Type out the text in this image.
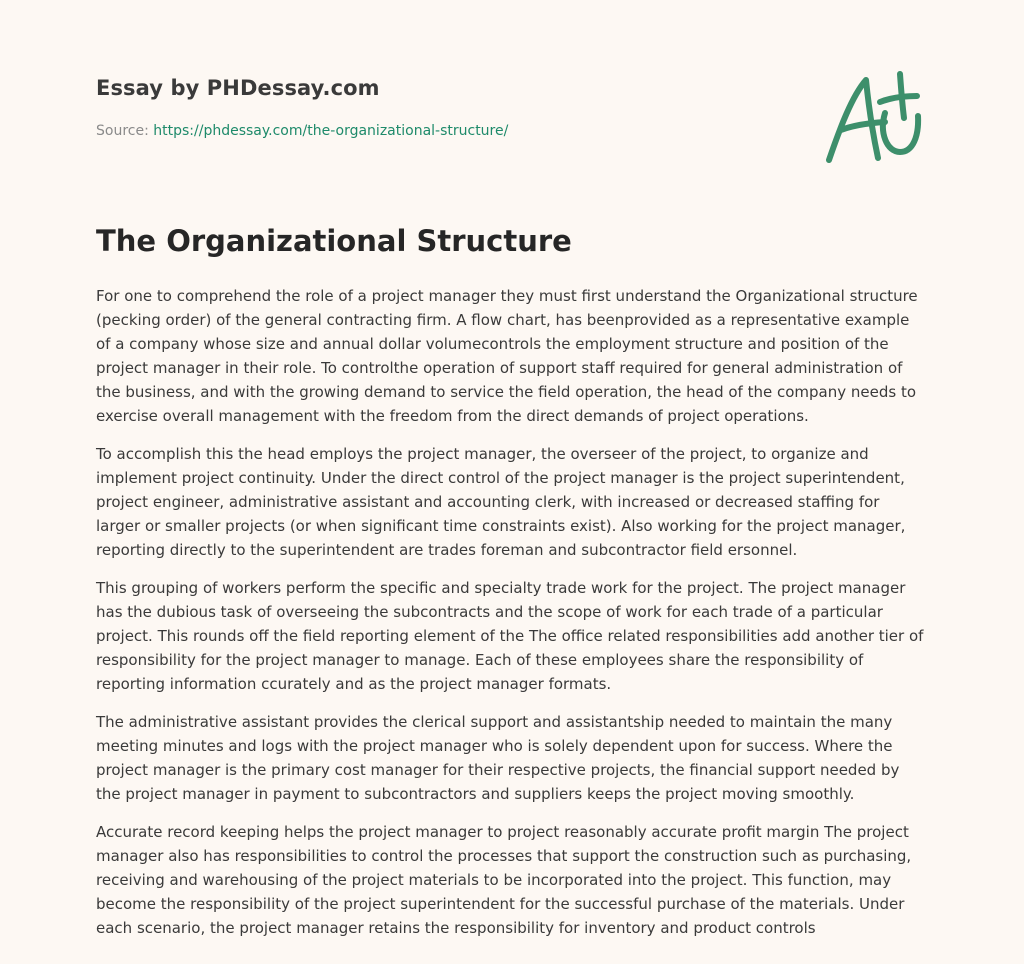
Essay by PHDessay.com
Source: https://phdessay.com/the-organizational-structure/
The Organizational Structure

For one to comprehend the role of a project manager they must first understand the Organizational structure (pecking order) of the general contracting firm. A flow chart, has beenprovided as a representative example of a company whose size and annual dollar volumecontrols the employment structure and position of the project manager in their role. To controlthe operation of support staff required for general administration of the business, and with the growing demand to service the field operation, the head of the company needs to exercise overall management with the freedom from the direct demands of project operations.

To accomplish this the head employs the project manager, the overseer of the project, to organize and implement project continuity. Under the direct control of the project manager is the project superintendent, project engineer, administrative assistant and accounting clerk, with increased or decreased staffing for larger or smaller projects (or when significant time constraints exist). Also working for the project manager, reporting directly to the superintendent are trades foreman and subcontractor field ersonnel.

This grouping of workers perform the specific and specialty trade work for the project. The project manager has the dubious task of overseeing the subcontracts and the scope of work for each trade of a particular project. This rounds off the field reporting element of the The office related responsibilities add another tier of responsibility for the project manager to manage. Each of these employees share the responsibility of reporting information ccurately and as the project manager formats.

The administrative assistant provides the clerical support and assistantship needed to maintain the many meeting minutes and logs with the project manager who is solely dependent upon for success. Where the project manager is the primary cost manager for their respective projects, the financial support needed by the project manager in payment to subcontractors and suppliers keeps the project moving smoothly.

Accurate record keeping helps the project manager to project reasonably accurate profit margin The project manager also has responsibilities to control the processes that support the construction such as purchasing, receiving and warehousing of the project materials to be incorporated into the project. This function, may become the responsibility of the project superintendent for the successful purchase of the materials. Under each scenario, the project manager retains the responsibility for inventory and product controls
